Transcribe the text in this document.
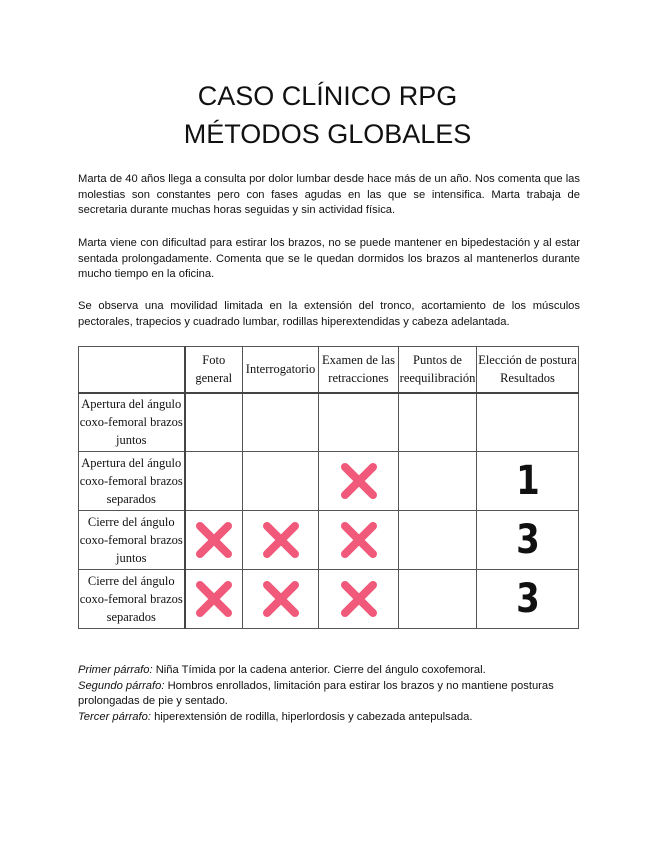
CASO CLÍNICO RPG
MÉTODOS GLOBALES

Marta de 40 años llega a consulta por dolor lumbar desde hace más de un año. Nos comenta que las molestias son constantes pero con fases agudas en las que se intensifica. Marta trabaja de secretaria durante muchas horas seguidas y sin actividad física.

Marta viene con dificultad para estirar los brazos, no se puede mantener en bipedestación y al estar sentada prolongadamente. Comenta que se le quedan dormidos los brazos al mantenerlos durante mucho tiempo en la oficina.

Se observa una movilidad limitada en la extensión del tronco, acortamiento de los músculos pectorales, trapecios y cuadrado lumbar, rodillas hiperextendidas y cabeza adelantada.

	Foto general	Interrogatorio	Examen de las retracciones	Puntos de reequilibración	Elección de postura Resultados
Apertura del ángulo coxo-femoral brazos juntos					
Apertura del ángulo coxo-femoral brazos separados					1
Cierre del ángulo coxo-femoral brazos juntos					3
Cierre del ángulo coxo-femoral brazos separados					3

Primer párrafo: Niña Tímida por la cadena anterior. Cierre del ángulo coxofemoral.

Segundo párrafo: Hombros enrollados, limitación para estirar los brazos y no mantiene posturas prolongadas de pie y sentado.

Tercer párrafo: hiperextensión de rodilla, hiperlordosis y cabezada antepulsada.
